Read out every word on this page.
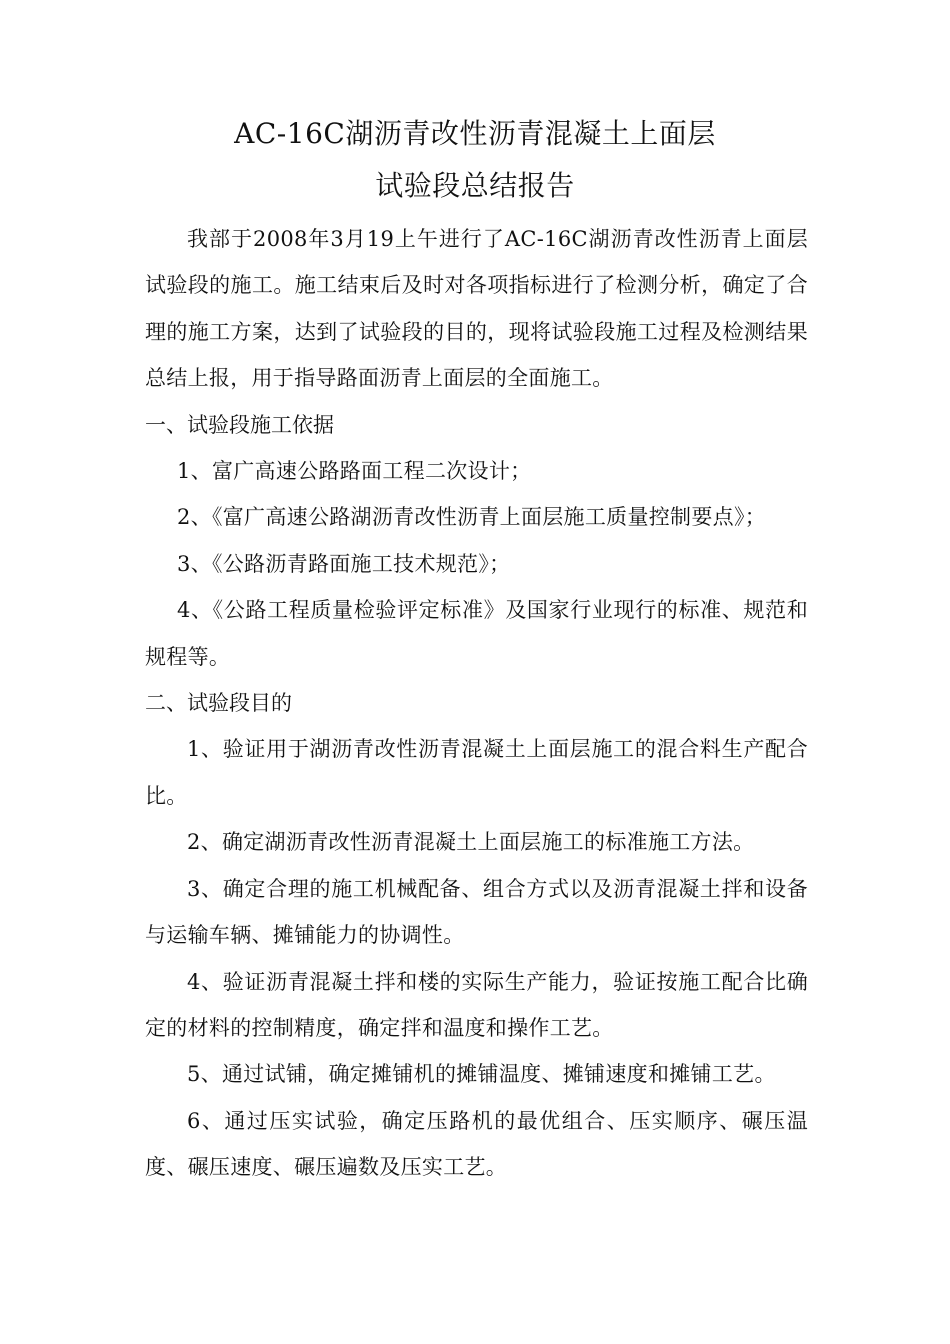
AC-16C湖沥青改性沥青混凝土上面层
试验段总结报告
我部于2008年3月19上午进行了AC-16C湖沥青改性沥青上面层试验段的施工。施工结束后及时对各项指标进行了检测分析，确定了合理的施工方案，达到了试验段的目的，现将试验段施工过程及检测结果总结上报，用于指导路面沥青上面层的全面施工。
一、试验段施工依据
1、富广高速公路路面工程二次设计；
2、《富广高速公路湖沥青改性沥青上面层施工质量控制要点》；
3、《公路沥青路面施工技术规范》；
4、《公路工程质量检验评定标准》及国家行业现行的标准、规范和规程等。
二、试验段目的
1、验证用于湖沥青改性沥青混凝土上面层施工的混合料生产配合比。
2、确定湖沥青改性沥青混凝土上面层施工的标准施工方法。
3、确定合理的施工机械配备、组合方式以及沥青混凝土拌和设备与运输车辆、摊铺能力的协调性。
4、验证沥青混凝土拌和楼的实际生产能力，验证按施工配合比确定的材料的控制精度，确定拌和温度和操作工艺。
5、通过试铺，确定摊铺机的摊铺温度、摊铺速度和摊铺工艺。
6、通过压实试验，确定压路机的最优组合、压实顺序、碾压温度、碾压速度、碾压遍数及压实工艺。
